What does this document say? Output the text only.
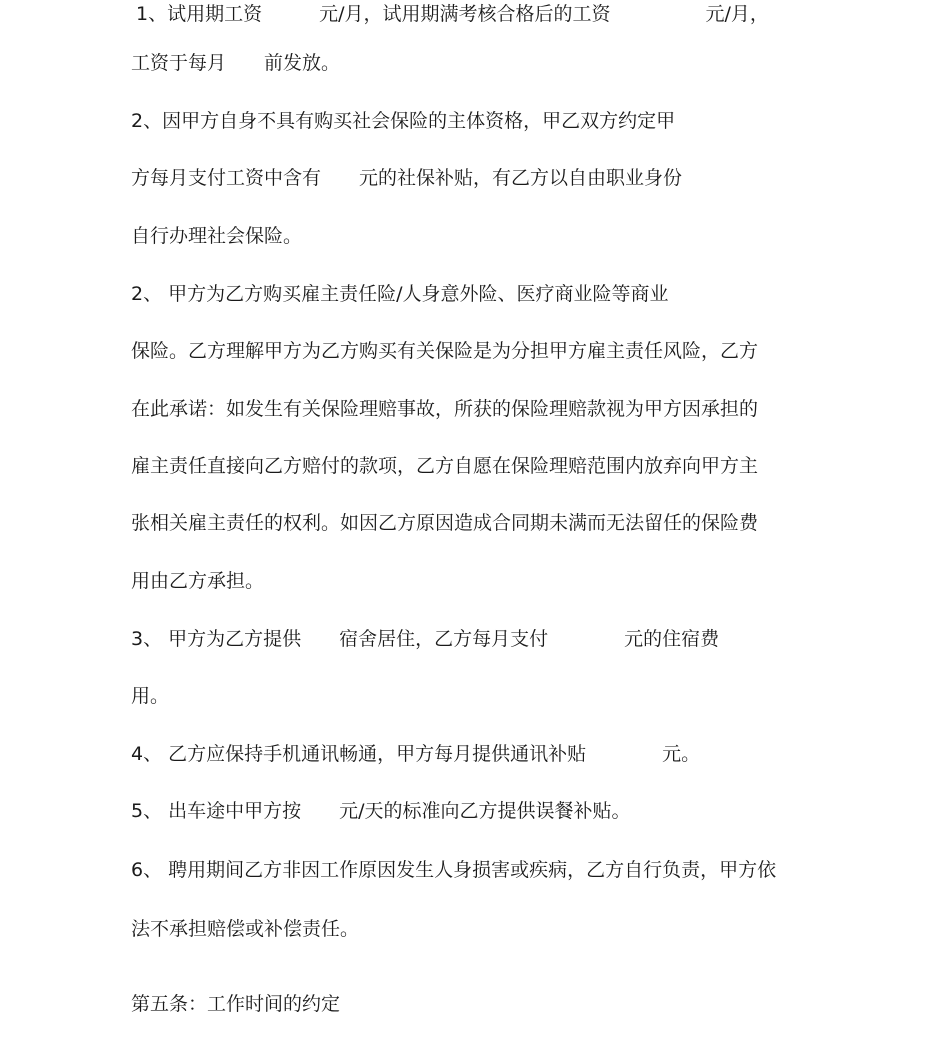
1、试用期工资　　　元/月，试用期满考核合格后的工资　　　　　元/月，
工资于每月　　前发放。
2、因甲方自身不具有购买社会保险的主体资格，甲乙双方约定甲
方每月支付工资中含有　　元的社保补贴，有乙方以自由职业身份
自行办理社会保险。
2、 甲方为乙方购买雇主责任险/人身意外险、医疗商业险等商业
保险。乙方理解甲方为乙方购买有关保险是为分担甲方雇主责任风险，乙方
在此承诺：如发生有关保险理赔事故，所获的保险理赔款视为甲方因承担的
雇主责任直接向乙方赔付的款项，乙方自愿在保险理赔范围内放弃向甲方主
张相关雇主责任的权利。如因乙方原因造成合同期未满而无法留任的保险费
用由乙方承担。
3、 甲方为乙方提供　　宿舍居住，乙方每月支付　　　　元的住宿费
用。
4、 乙方应保持手机通讯畅通，甲方每月提供通讯补贴　　　　元。
5、 出车途中甲方按　　元/天的标准向乙方提供误餐补贴。
6、 聘用期间乙方非因工作原因发生人身损害或疾病，乙方自行负责，甲方依
法不承担赔偿或补偿责任。
第五条：工作时间的约定
